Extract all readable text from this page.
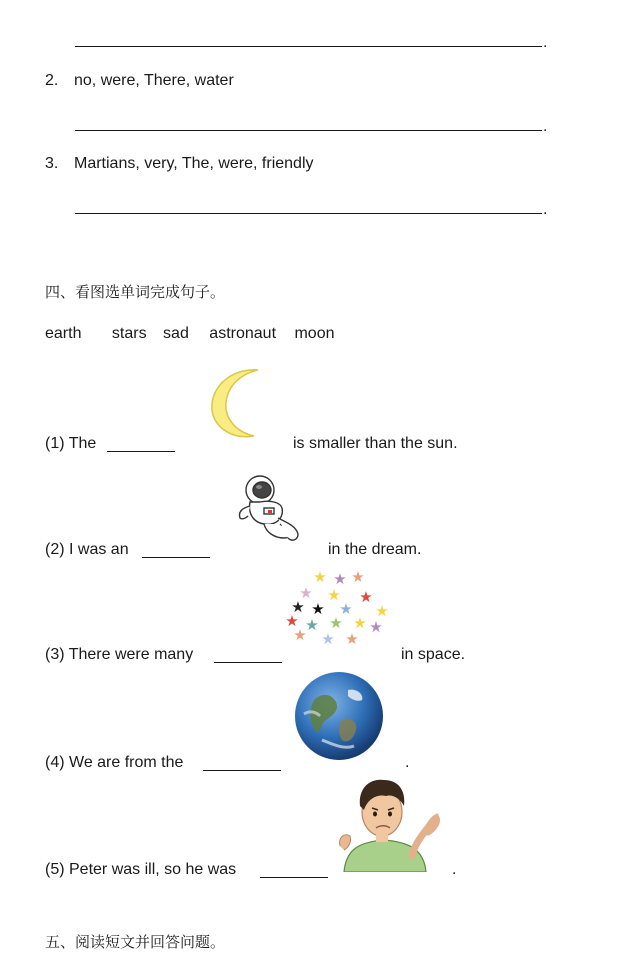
.
2. no, were, There, water
.
3. Martians, very, The, were, friendly
.
四、看图选单词完成句子。
earth stars sad astronaut moon
(1) The	is smaller than the sun.
(2) I was an	in the dream.
(3) There were many	in space.
★ ★ ★
★ ★ ★
★ ★ ★ ★
★ ★ ★ ★ ★
★ ★ ★
(4) We are from the	.
(5) Peter was ill, so he was	.
五、阅读短文并回答问题。
